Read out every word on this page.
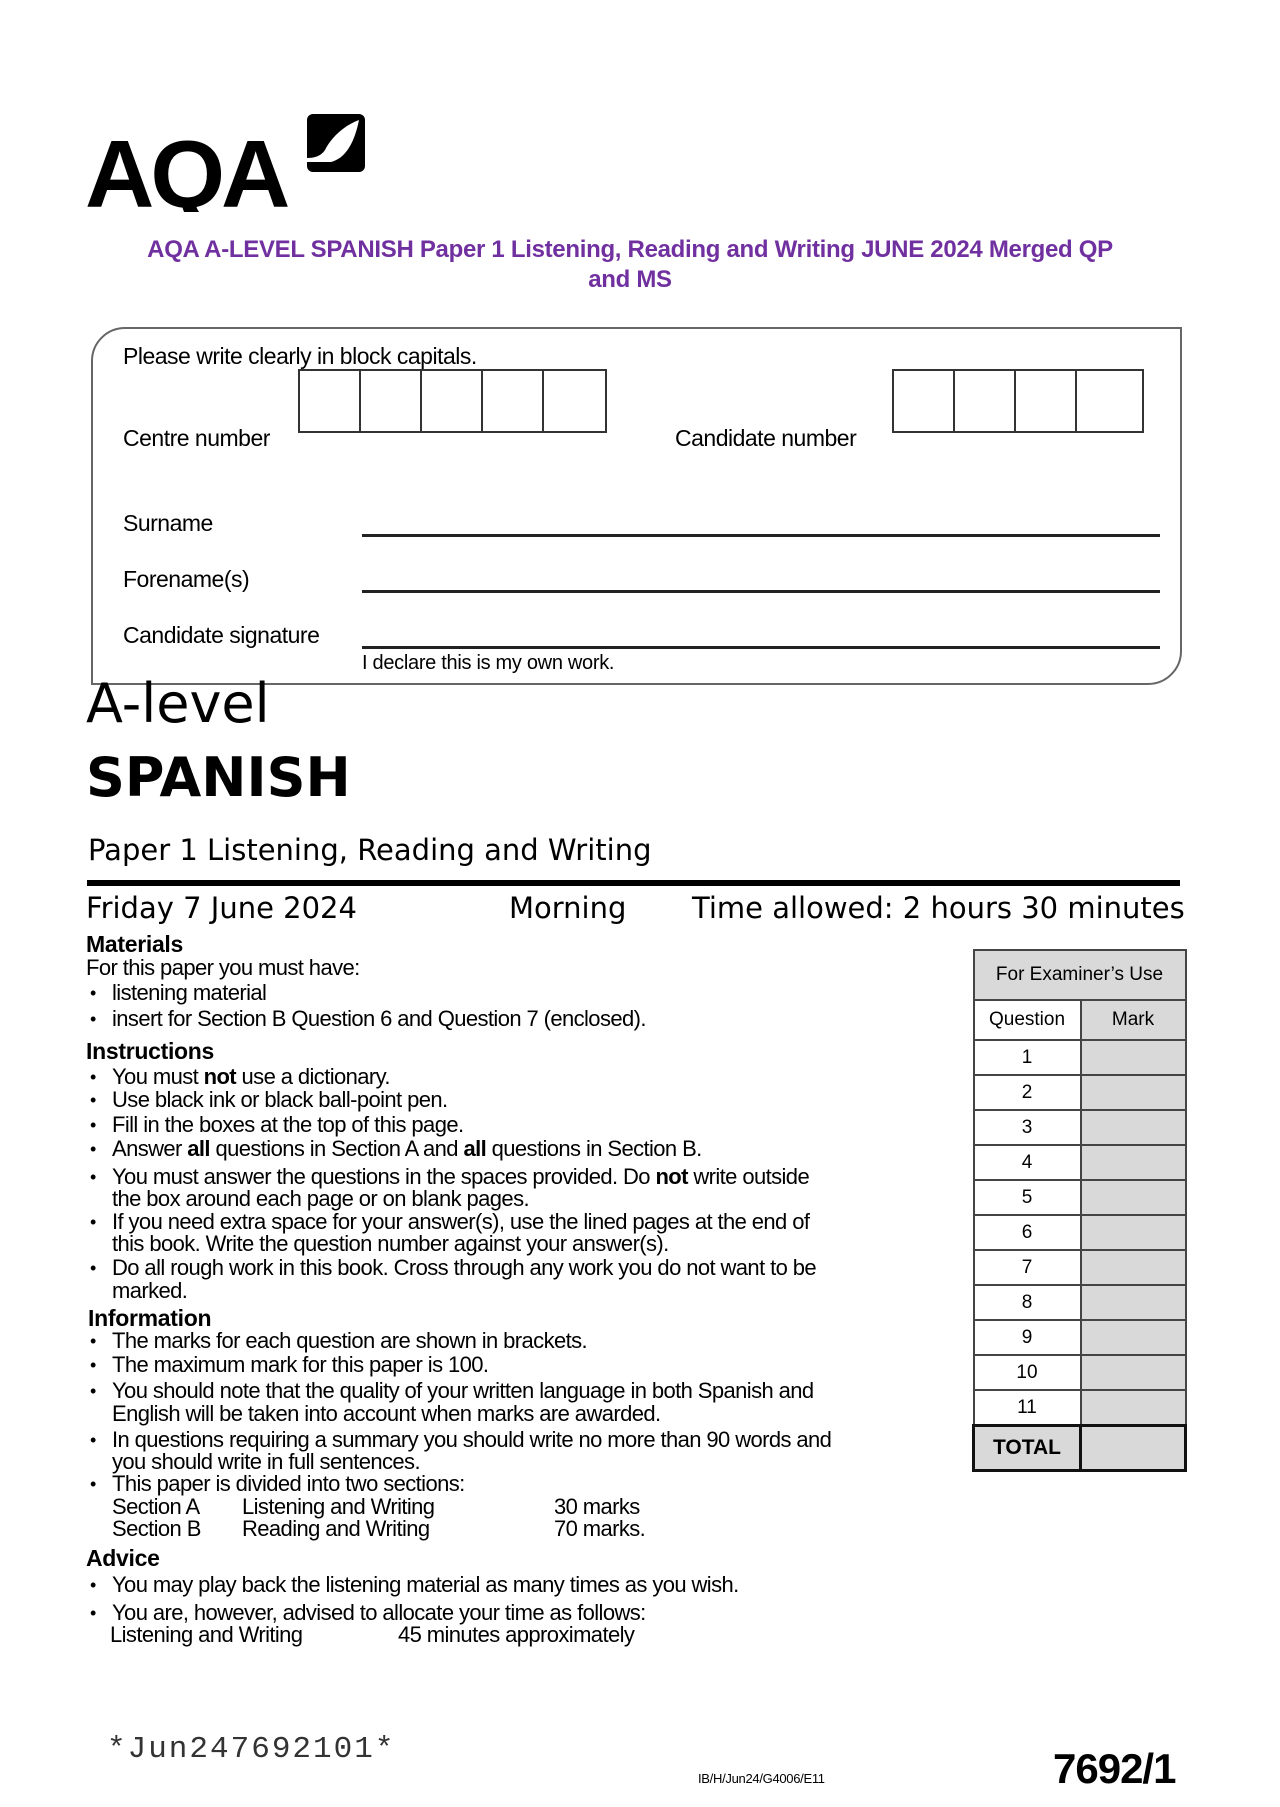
AQA
AQA A-LEVEL SPANISH Paper 1 Listening, Reading and Writing JUNE 2024 Merged QP
and MS
Please write clearly in block capitals.
Centre number	Candidate number
Surname
Forename(s)
Candidate signature
I declare this is my own work.
A-level
SPANISH
Paper 1 Listening, Reading and Writing
Friday 7 June 2024	Morning Time allowed: 2 hours 30 minutes
Materials
For this paper you must have:
• listening material
• insert for Section B Question 6 and Question 7 (enclosed).
Instructions
• You must not use a dictionary.
• Use black ink or black ball-point pen.
• Fill in the boxes at the top of this page.
• Answer all questions in Section A and all questions in Section B.
• You must answer the questions in the spaces provided. Do not write outside
the box around each page or on blank pages.
• If you need extra space for your answer(s), use the lined pages at the end of
this book. Write the question number against your answer(s).
• Do all rough work in this book. Cross through any work you do not want to be
marked.
Information
• The marks for each question are shown in brackets.
• The maximum mark for this paper is 100.
• You should note that the quality of your written language in both Spanish and
English will be taken into account when marks are awarded.
• In questions requiring a summary you should write no more than 90 words and
you should write in full sentences.
• This paper is divided into two sections:
Section A Listening and Writing	30 marks
Section B Reading and Writing	70 marks.
Advice
• You may play back the listening material as many times as you wish.
• You are, however, advised to allocate your time as follows:
Listening and Writing	45 minutes approximately
For Examiner’s Use	
Question	Mark
1	
2	
3	
4	
5	
6	
7	
8	
9	
10	
11	
TOTAL	
*Jun247692101*
IB/H/Jun24/G4006/E11	7692/1
